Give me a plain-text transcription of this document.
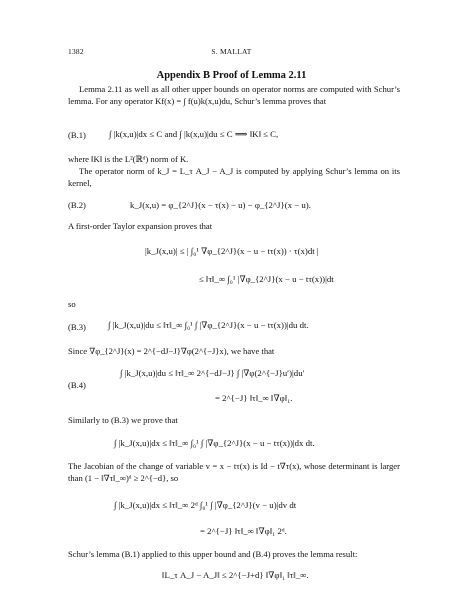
1382	S. MALLAT
Appendix B Proof of Lemma 2.11
Lemma 2.11 as well as all other upper bounds on operator norms are computed with Schur’s lemma. For any operator Kf(x) = ∫ f(u)k(x,u)du, Schur’s lemma proves that
(B.1)	∫ |k(x,u)|dx ≤ C and ∫ |k(x,u)|du ≤ C ⟹ ‖K‖ ≤ C,
where ‖K‖ is the L²(ℝᵈ) norm of K.
The operator norm of k_J = L_τ A_J − A_J is computed by applying Schur’s lemma on its kernel,
(B.2)	k_J(x,u) = φ_{2^J}(x − τ(x) − u) − φ_{2^J}(x − u).
A first-order Taylor expansion proves that
|k_J(x,u)| ≤ | ∫₀¹ ∇φ_{2^J}(x − u − tτ(x)) · τ(x)dt |
≤ ‖τ‖_∞ ∫₀¹ |∇φ_{2^J}(x − u − tτ(x))|dt
so
(B.3)	∫ |k_J(x,u)|du ≤ ‖τ‖_∞ ∫₀¹ ∫ |∇φ_{2^J}(x − u − tτ(x))|du dt.
Since ∇φ_{2^J}(x) = 2^{−dJ−J}∇φ(2^{−J}x), we have that
(B.4)
∫ |k_J(x,u)|du ≤ ‖τ‖_∞ 2^{−dJ−J} ∫ |∇φ(2^{−J}u′)|du′
= 2^{−J} ‖τ‖_∞ ‖∇φ‖₁.
Similarly to (B.3) we prove that
∫ |k_J(x,u)|dx ≤ ‖τ‖_∞ ∫₀¹ ∫ |∇φ_{2^J}(x − u − tτ(x))|dx dt.
The Jacobian of the change of variable v = x − tτ(x) is Id − t∇τ(x), whose determinant is larger than (1 − ‖∇τ‖_∞)ᵈ ≥ 2^{−d}, so
∫ |k_J(x,u)|dx ≤ ‖τ‖_∞ 2ᵈ ∫₀¹ ∫ |∇φ_{2^J}(v − u)|dv dt
= 2^{−J} ‖τ‖_∞ ‖∇φ‖₁ 2ᵈ.
Schur’s lemma (B.1) applied to this upper bound and (B.4) proves the lemma result:
‖L_τ A_J − A_J‖ ≤ 2^{−J+d} ‖∇φ‖₁ ‖τ‖_∞.
